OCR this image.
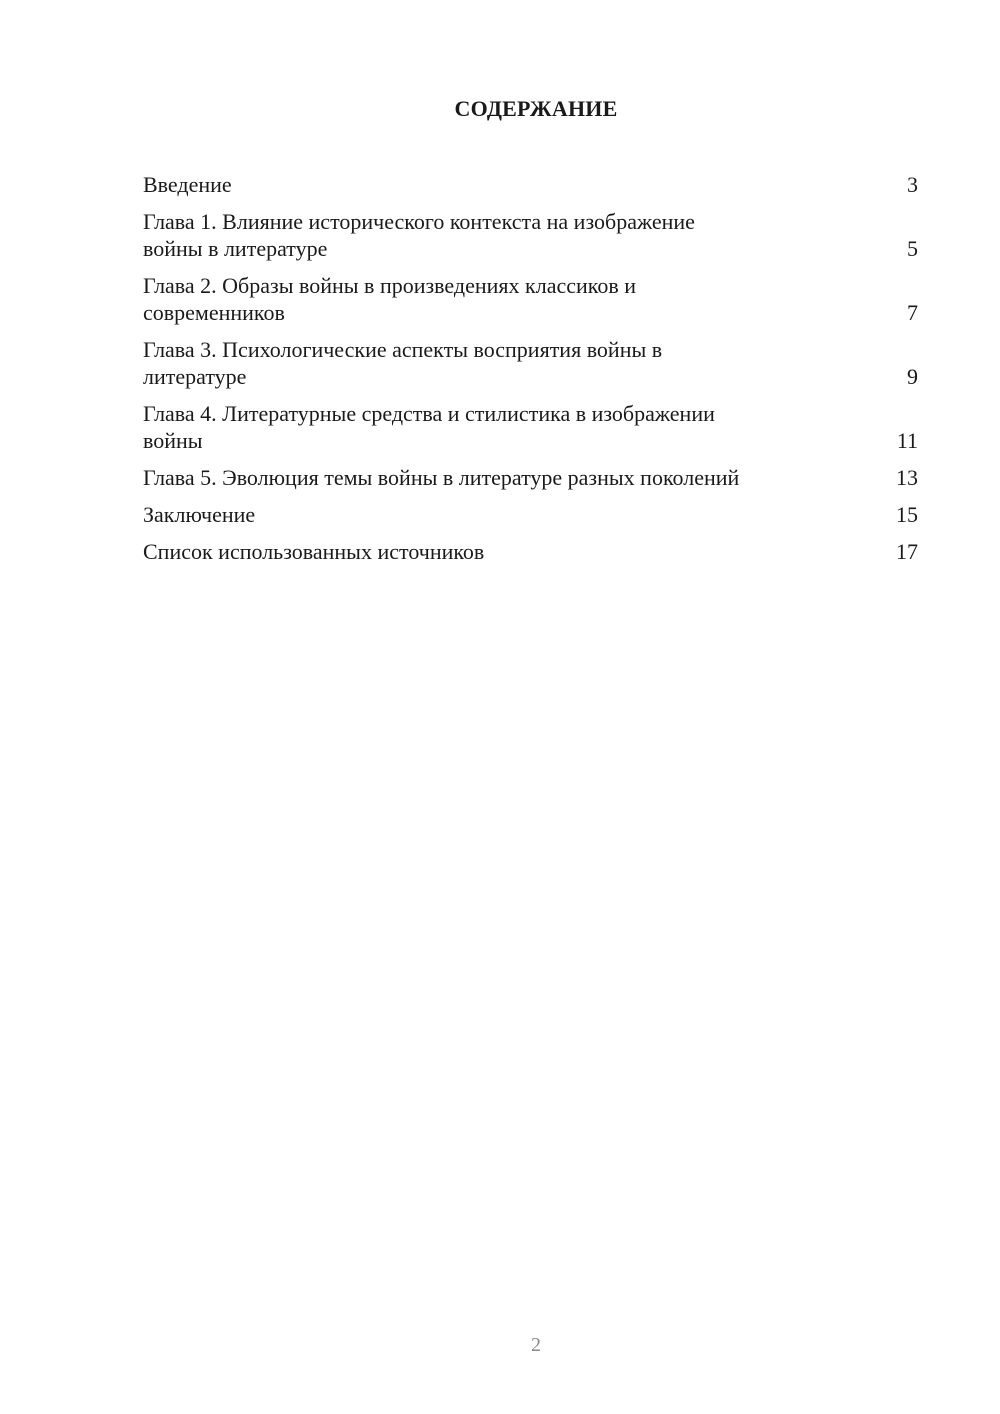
СОДЕРЖАНИЕ
Введение	3
Глава 1. Влияние исторического контекста на изображение
войны в литературе	5
Глава 2. Образы войны в произведениях классиков и
современников	7
Глава 3. Психологические аспекты восприятия войны в
литературе	9
Глава 4. Литературные средства и стилистика в изображении
войны	11
Глава 5. Эволюция темы войны в литературе разных поколений	13
Заключение	15
Список использованных источников	17
2
